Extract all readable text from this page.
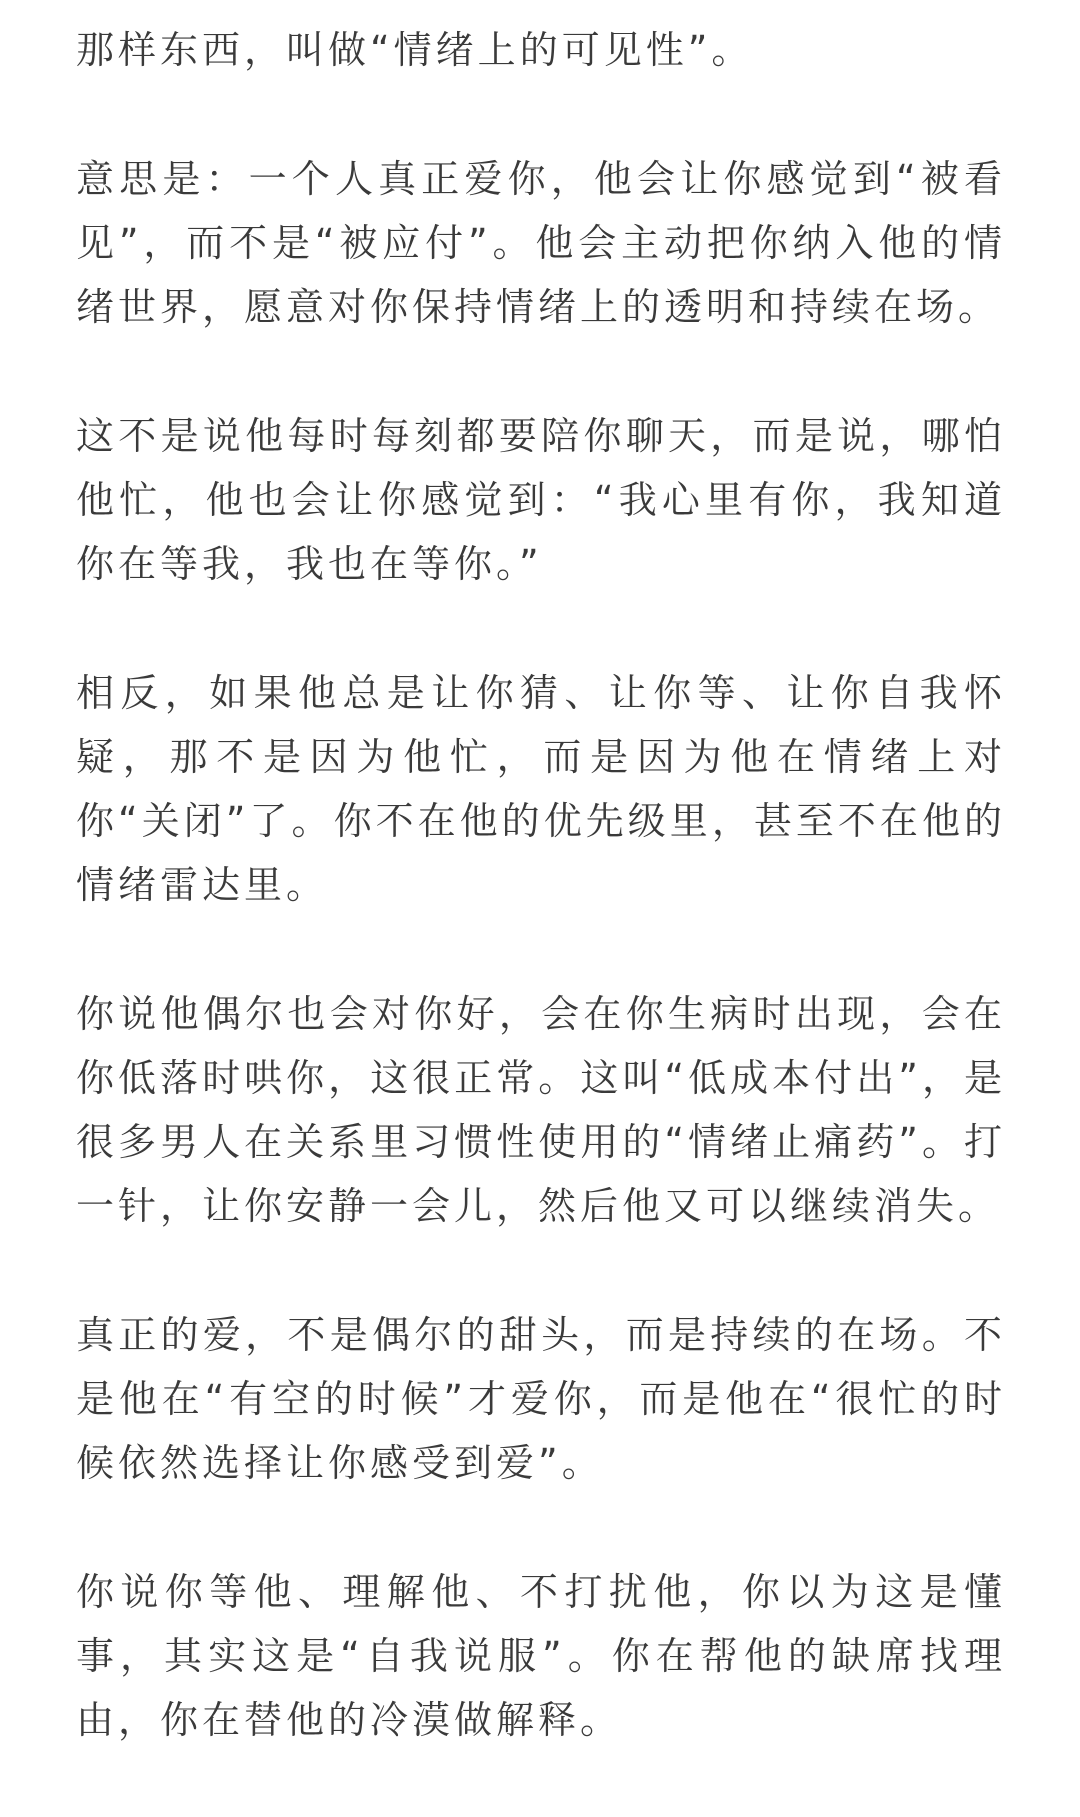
那样东西，叫做“情绪上的可见性”。

意思是：一个人真正爱你，他会让你感觉到“被看见”，而不是“被应付”。他会主动把你纳入他的情绪世界，愿意对你保持情绪上的透明和持续在场。

这不是说他每时每刻都要陪你聊天，而是说，哪怕他忙，他也会让你感觉到：“我心里有你，我知道你在等我，我也在等你。”

相反，如果他总是让你猜、让你等、让你自我怀疑，那不是因为他忙，而是因为他在情绪上对你“关闭”了。你不在他的优先级里，甚至不在他的情绪雷达里。

你说他偶尔也会对你好，会在你生病时出现，会在你低落时哄你，这很正常。这叫“低成本付出”，是很多男人在关系里习惯性使用的“情绪止痛药”。打一针，让你安静一会儿，然后他又可以继续消失。

真正的爱，不是偶尔的甜头，而是持续的在场。不是他在“有空的时候”才爱你，而是他在“很忙的时候依然选择让你感受到爱”。

你说你等他、理解他、不打扰他，你以为这是懂事，其实这是“自我说服”。你在帮他的缺席找理由，你在替他的冷漠做解释。
